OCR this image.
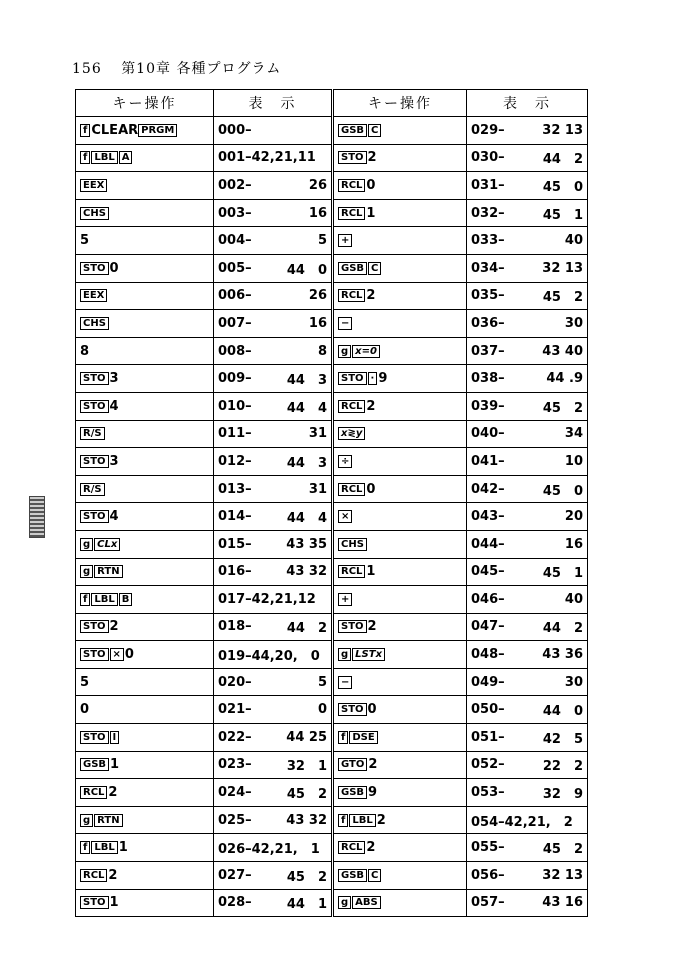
156 第10章 各種プログラム
キー操作	表　示	キー操作	表　示
f CLEAR PRGM	000–	GSB C	029– 32 13

f LBL A	001–42,21,11	STO 2	030– 44　2

EEX	002– 26	RCL 0	031– 45　0

CHS	003– 16	RCL 1	032– 45　1

5	004– 5	+	033– 40

STO 0	005– 44　0	GSB C	034– 32 13

EEX	006– 26	RCL 2	035– 45　2

CHS	007– 16	−	036– 30

8	008– 8	g x=0	037– 43 40

STO 3	009– 44　3	STO · 9	038– 44 .9

STO 4	010– 44　4	RCL 2	039– 45　2

R/S	011– 31	x≷y	040– 34

STO 3	012– 44　3	÷	041– 10

R/S	013– 31	RCL 0	042– 45　0

STO 4	014– 44　4	×	043– 20

g CLx	015– 43 35	CHS	044– 16

g RTN	016– 43 32	RCL 1	045– 45　1

f LBL B	017–42,21,12	+	046– 40

STO 2	018– 44　2	STO 2	047– 44　2

STO × 0	019–44,20,　0	g LSTx	048– 43 36

5	020– 5	−	049– 30

0	021– 0	STO 0	050– 44　0

STO I	022– 44 25	f DSE	051– 42　5

GSB 1	023– 32　1	GTO 2	052– 22　2

RCL 2	024– 45　2	GSB 9	053– 32　9

g RTN	025– 43 32	f LBL 2	054–42,21,　2

f LBL 1	026–42,21,　1	RCL 2	055– 45　2

RCL 2	027– 45　2	GSB C	056– 32 13

STO 1	028– 44　1	g ABS	057– 43 16
